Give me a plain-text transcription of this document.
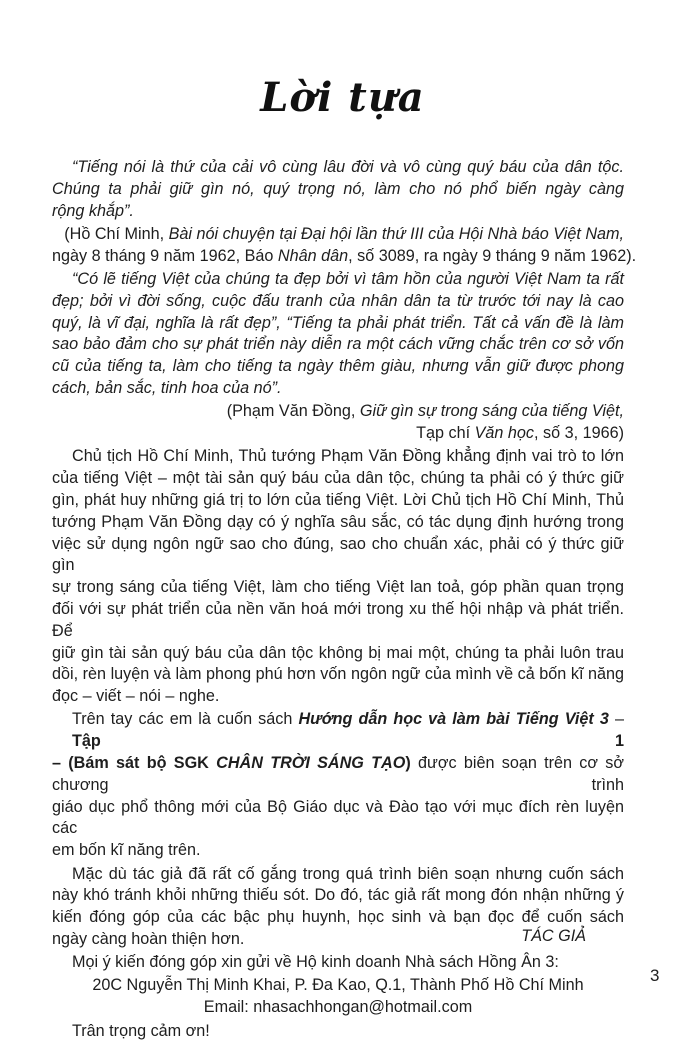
Lời tựa
“Tiếng nói là thứ của cải vô cùng lâu đời và vô cùng quý báu của dân tộc.
Chúng ta phải giữ gìn nó, quý trọng nó, làm cho nó phổ biến ngày càng
rộng khắp”.
(Hồ Chí Minh, Bài nói chuyện tại Đại hội lần thứ III của Hội Nhà báo Việt Nam,
ngày 8 tháng 9 năm 1962, Báo Nhân dân, số 3089, ra ngày 9 tháng 9 năm 1962).
“Có lẽ tiếng Việt của chúng ta đẹp bởi vì tâm hồn của người Việt Nam ta rất
đẹp; bởi vì đời sống, cuộc đấu tranh của nhân dân ta từ trước tới nay là cao
quý, là vĩ đại, nghĩa là rất đẹp”, “Tiếng ta phải phát triển. Tất cả vấn đề là làm
sao bảo đảm cho sự phát triển này diễn ra một cách vững chắc trên cơ sở vốn
cũ của tiếng ta, làm cho tiếng ta ngày thêm giàu, nhưng vẫn giữ được phong
cách, bản sắc, tinh hoa của nó”.
(Phạm Văn Đồng, Giữ gìn sự trong sáng của tiếng Việt,
Tạp chí Văn học, số 3, 1966)
Chủ tịch Hồ Chí Minh, Thủ tướng Phạm Văn Đồng khẳng định vai trò to lớn
của tiếng Việt – một tài sản quý báu của dân tộc, chúng ta phải có ý thức giữ
gìn, phát huy những giá trị to lớn của tiếng Việt. Lời Chủ tịch Hồ Chí Minh, Thủ
tướng Phạm Văn Đồng dạy có ý nghĩa sâu sắc, có tác dụng định hướng trong
việc sử dụng ngôn ngữ sao cho đúng, sao cho chuẩn xác, phải có ý thức giữ gìn
sự trong sáng của tiếng Việt, làm cho tiếng Việt lan toả, góp phần quan trọng
đối với sự phát triển của nền văn hoá mới trong xu thế hội nhập và phát triển. Để
giữ gìn tài sản quý báu của dân tộc không bị mai một, chúng ta phải luôn trau
dồi, rèn luyện và làm phong phú hơn vốn ngôn ngữ của mình về cả bốn kĩ năng
đọc – viết – nói – nghe.
Trên tay các em là cuốn sách Hướng dẫn học và làm bài Tiếng Việt 3 – Tập 1
– (Bám sát bộ SGK CHÂN TRỜI SÁNG TẠO) được biên soạn trên cơ sở chương trình
giáo dục phổ thông mới của Bộ Giáo dục và Đào tạo với mục đích rèn luyện các
em bốn kĩ năng trên.
Mặc dù tác giả đã rất cố gắng trong quá trình biên soạn nhưng cuốn sách
này khó tránh khỏi những thiếu sót. Do đó, tác giả rất mong đón nhận những ý
kiến đóng góp của các bậc phụ huynh, học sinh và bạn đọc để cuốn sách
ngày càng hoàn thiện hơn.
Mọi ý kiến đóng góp xin gửi về Hộ kinh doanh Nhà sách Hồng Ân 3:
20C Nguyễn Thị Minh Khai, P. Đa Kao, Q.1, Thành Phố Hồ Chí Minh
Email: nhasachhongan@hotmail.com
Trân trọng cảm ơn!
TÁC GIẢ
3
